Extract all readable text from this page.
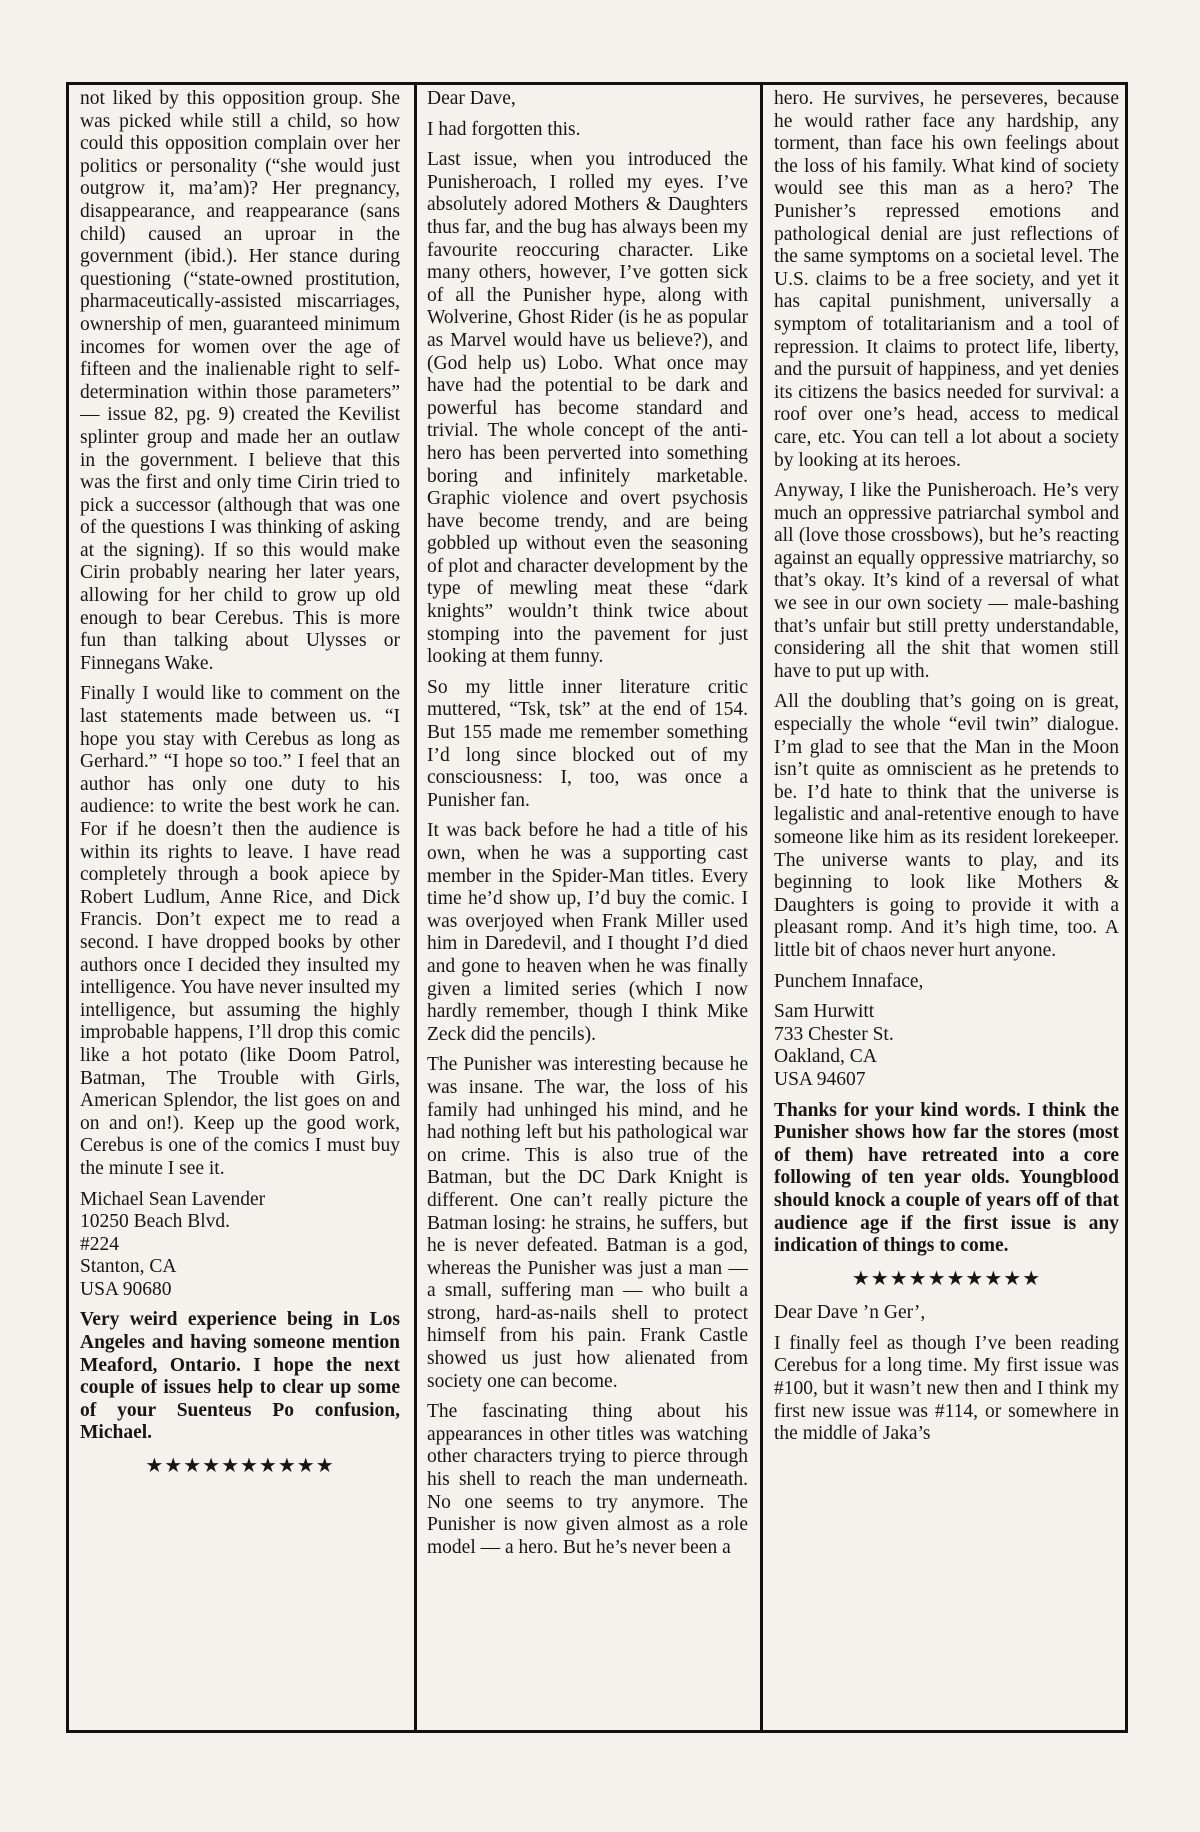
not liked by this opposition group. She was picked while still a child, so how could this opposition complain over her politics or personality (“she would just outgrow it, ma’am)? Her pregnancy, disappearance, and reappearance (sans child) caused an uproar in the government (ibid.). Her stance during questioning (“state-owned prostitution, pharmaceutically-assisted miscarriages, ownership of men, guaranteed minimum incomes for women over the age of fifteen and the inalienable right to self-determination within those parameters” — issue 82, pg. 9) created the Kevilist splinter group and made her an outlaw in the government. I believe that this was the first and only time Cirin tried to pick a successor (although that was one of the questions I was thinking of asking at the signing). If so this would make Cirin probably nearing her later years, allowing for her child to grow up old enough to bear Cerebus. This is more fun than talking about Ulysses or Finnegans Wake.

Finally I would like to comment on the last statements made between us. “I hope you stay with Cerebus as long as Gerhard.” “I hope so too.” I feel that an author has only one duty to his audience: to write the best work he can. For if he doesn’t then the audience is within its rights to leave. I have read completely through a book apiece by Robert Ludlum, Anne Rice, and Dick Francis. Don’t expect me to read a second. I have dropped books by other authors once I decided they insulted my intelligence. You have never insulted my intelligence, but assuming the highly improbable happens, I’ll drop this comic like a hot potato (like Doom Patrol, Batman, The Trouble with Girls, American Splendor, the list goes on and on and on!). Keep up the good work, Cerebus is one of the comics I must buy the minute I see it.

Michael Sean Lavender
10250 Beach Blvd.
#224
Stanton, CA
USA 90680

Very weird experience being in Los Angeles and having someone mention Meaford, Ontario. I hope the next couple of issues help to clear up some of your Suenteus Po confusion, Michael.

★★★★★★★★★★

Dear Dave,

I had forgotten this.

Last issue, when you introduced the Punisheroach, I rolled my eyes. I’ve absolutely adored Mothers & Daughters thus far, and the bug has always been my favourite reoccuring character. Like many others, however, I’ve gotten sick of all the Punisher hype, along with Wolverine, Ghost Rider (is he as popular as Marvel would have us believe?), and (God help us) Lobo. What once may have had the potential to be dark and powerful has become standard and trivial. The whole concept of the anti-hero has been perverted into something boring and infinitely marketable. Graphic violence and overt psychosis have become trendy, and are being gobbled up without even the seasoning of plot and character development by the type of mewling meat these “dark knights” wouldn’t think twice about stomping into the pavement for just looking at them funny.

So my little inner literature critic muttered, “Tsk, tsk” at the end of 154. But 155 made me remember something I’d long since blocked out of my consciousness: I, too, was once a Punisher fan.

It was back before he had a title of his own, when he was a supporting cast member in the Spider-Man titles. Every time he’d show up, I’d buy the comic. I was overjoyed when Frank Miller used him in Daredevil, and I thought I’d died and gone to heaven when he was finally given a limited series (which I now hardly remember, though I think Mike Zeck did the pencils).

The Punisher was interesting because he was insane. The war, the loss of his family had unhinged his mind, and he had nothing left but his pathological war on crime. This is also true of the Batman, but the DC Dark Knight is different. One can’t really picture the Batman losing: he strains, he suffers, but he is never defeated. Batman is a god, whereas the Punisher was just a man — a small, suffering man — who built a strong, hard-as-nails shell to protect himself from his pain. Frank Castle showed us just how alienated from society one can become.

The fascinating thing about his appearances in other titles was watching other characters trying to pierce through his shell to reach the man underneath. No one seems to try anymore. The Punisher is now given almost as a role model — a hero. But he’s never been a

hero. He survives, he perseveres, because he would rather face any hardship, any torment, than face his own feelings about the loss of his family. What kind of society would see this man as a hero? The Punisher’s repressed emotions and pathological denial are just reflections of the same symptoms on a societal level. The U.S. claims to be a free society, and yet it has capital punishment, universally a symptom of totalitarianism and a tool of repression. It claims to protect life, liberty, and the pursuit of happiness, and yet denies its citizens the basics needed for survival: a roof over one’s head, access to medical care, etc. You can tell a lot about a society by looking at its heroes.

Anyway, I like the Punisheroach. He’s very much an oppressive patriarchal symbol and all (love those crossbows), but he’s reacting against an equally oppressive matriarchy, so that’s okay. It’s kind of a reversal of what we see in our own society — male-bashing that’s unfair but still pretty understandable, considering all the shit that women still have to put up with.

All the doubling that’s going on is great, especially the whole “evil twin” dialogue. I’m glad to see that the Man in the Moon isn’t quite as omniscient as he pretends to be. I’d hate to think that the universe is legalistic and anal-retentive enough to have someone like him as its resident lorekeeper. The universe wants to play, and its beginning to look like Mothers & Daughters is going to provide it with a pleasant romp. And it’s high time, too. A little bit of chaos never hurt anyone.

Punchem Innaface,

Sam Hurwitt
733 Chester St.
Oakland, CA
USA 94607

Thanks for your kind words. I think the Punisher shows how far the stores (most of them) have retreated into a core following of ten year olds. Youngblood should knock a couple of years off of that audience age if the first issue is any indication of things to come.

★★★★★★★★★★

Dear Dave ’n Ger’,

I finally feel as though I’ve been reading Cerebus for a long time. My first issue was #100, but it wasn’t new then and I think my first new issue was #114, or somewhere in the middle of Jaka’s
